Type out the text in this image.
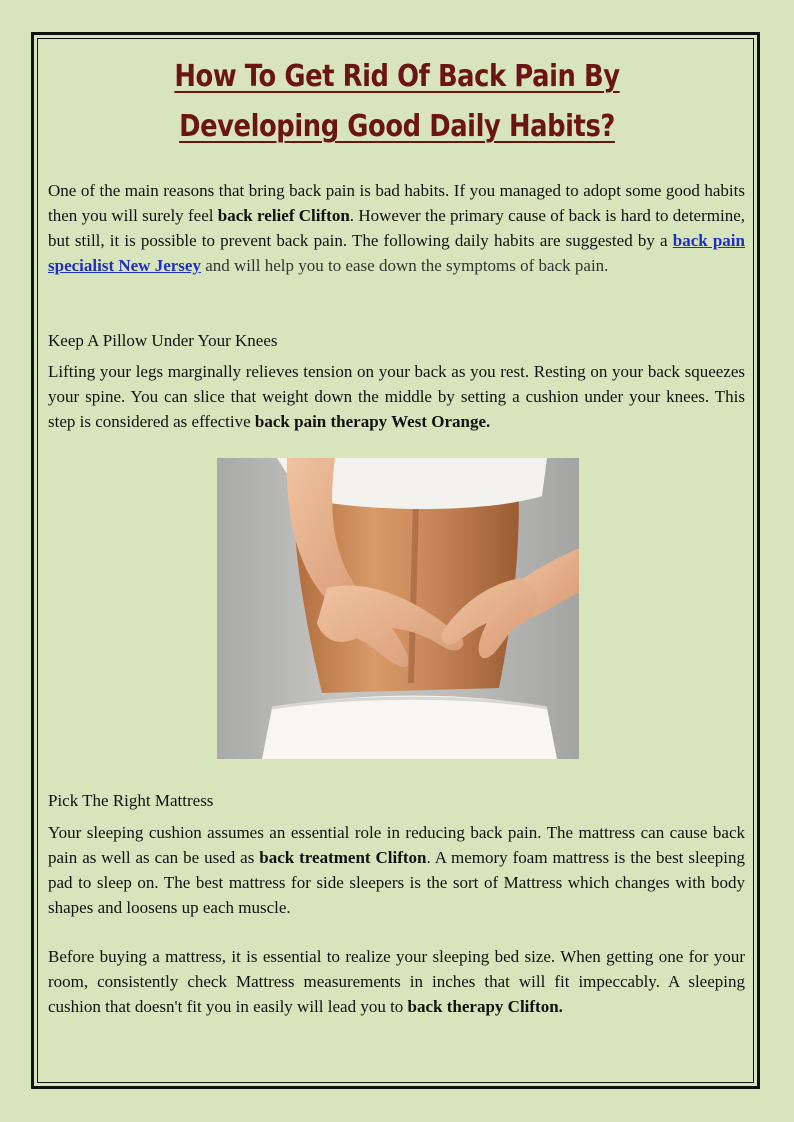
How To Get Rid Of Back Pain By Developing Good Daily Habits?

One of the main reasons that bring back pain is bad habits. If you managed to adopt some good habits then you will surely feel back relief Clifton. However the primary cause of back is hard to determine, but still, it is possible to prevent back pain. The following daily habits are suggested by a back pain specialist New Jersey and will help you to ease down the symptoms of back pain.

Keep A Pillow Under Your Knees

Lifting your legs marginally relieves tension on your back as you rest. Resting on your back squeezes your spine. You can slice that weight down the middle by setting a cushion under your knees. This step is considered as effective back pain therapy West Orange.

Pick The Right Mattress

Your sleeping cushion assumes an essential role in reducing back pain. The mattress can cause back pain as well as can be used as back treatment Clifton. A memory foam mattress is the best sleeping pad to sleep on. The best mattress for side sleepers is the sort of Mattress which changes with body shapes and loosens up each muscle.

Before buying a mattress, it is essential to realize your sleeping bed size. When getting one for your room, consistently check Mattress measurements in inches that will fit impeccably. A sleeping cushion that doesn't fit you in easily will lead you to back therapy Clifton.
